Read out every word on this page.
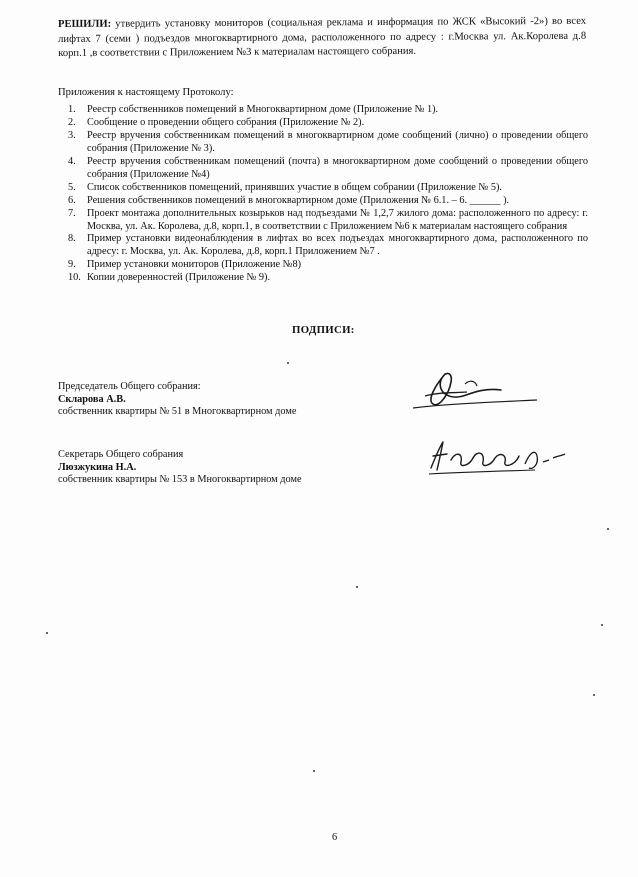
РЕШИЛИ: утвердить установку мониторов (социальная реклама и информация по ЖСК «Высокий -2») во всех лифтах 7 (семи ) подъездов многоквартирного дома, расположенного по адресу : г.Москва ул. Ак.Королева д.8 корп.1 ,в соответствии с Приложением №3 к материалам настоящего собрания.
Приложения к настоящему Протоколу:
1. Реестр собственников помещений в Многоквартирном доме (Приложение № 1).
2. Сообщение о проведении общего собрания (Приложение № 2).
3. Реестр вручения собственникам помещений в многоквартирном доме сообщений (лично) о проведении общего собрания (Приложение № 3).
4. Реестр вручения собственникам помещений (почта) в многоквартирном доме сообщений о проведении общего собрания (Приложение №4)
5. Список собственников помещений, принявших участие в общем собрании (Приложение № 5).
6. Решения собственников помещений в многоквартирном доме (Приложения № 6.1. – 6. ______ ).
7. Проект монтажа дополнительных козырьков над подъездами № 1,2,7 жилого дома: расположенного по адресу: г. Москва, ул. Ак. Королева, д.8, корп.1, в соответствии с Приложением №6 к материалам настоящего собрания
8. Пример установки видеонаблюдения в лифтах во всех подъездах многоквартирного дома, расположенного по адресу: г. Москва, ул. Ак. Королева, д.8, корп.1 Приложением №7 .
9. Пример установки мониторов (Приложение №8)
10. Копии доверенностей (Приложение № 9).
ПОДПИСИ:
Председатель Общего собрания:
Скларова А.В.
собственник квартиры № 51 в Многоквартирном доме
Секретарь Общего собрания
Люзжукина Н.А.
собственник квартиры № 153 в Многоквартирном доме
6
